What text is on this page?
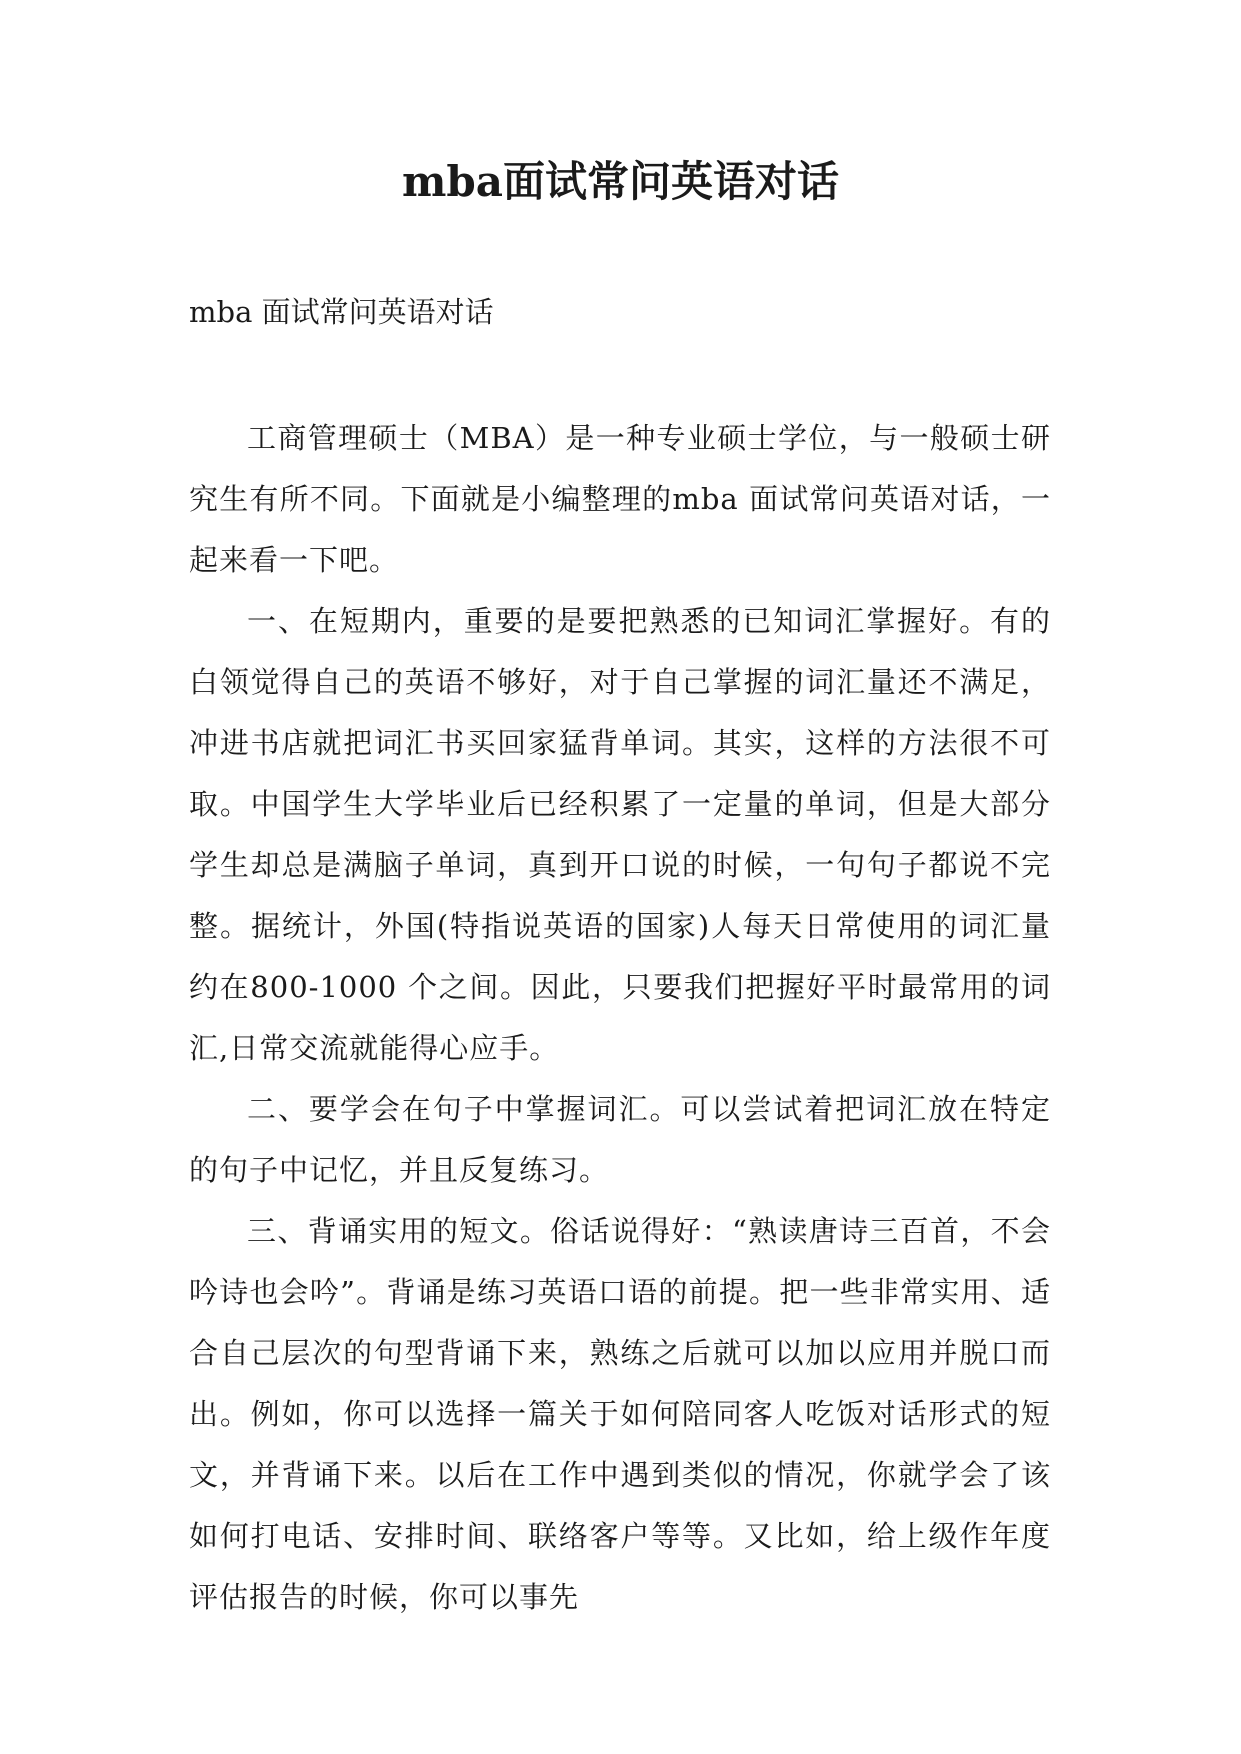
mba面试常问英语对话

mba 面试常问英语对话

工商管理硕士（MBA）是一种专业硕士学位，与一般硕士研究生有所不同。下面就是小编整理的mba 面试常问英语对话，一起来看一下吧。

一、在短期内，重要的是要把熟悉的已知词汇掌握好。有的白领觉得自己的英语不够好，对于自己掌握的词汇量还不满足，冲进书店就把词汇书买回家猛背单词。其实，这样的方法很不可取。中国学生大学毕业后已经积累了一定量的单词，但是大部分学生却总是满脑子单词，真到开口说的时候，一句句子都说不完整。据统计，外国(特指说英语的国家)人每天日常使用的词汇量约在800-1000 个之间。因此，只要我们把握好平时最常用的词汇,日常交流就能得心应手。

二、要学会在句子中掌握词汇。可以尝试着把词汇放在特定的句子中记忆，并且反复练习。

三、背诵实用的短文。俗话说得好：“熟读唐诗三百首，不会吟诗也会吟”。背诵是练习英语口语的前提。把一些非常实用、适合自己层次的句型背诵下来，熟练之后就可以加以应用并脱口而出。例如，你可以选择一篇关于如何陪同客人吃饭对话形式的短文，并背诵下来。以后在工作中遇到类似的情况，你就学会了该如何打电话、安排时间、联络客户等等。又比如，给上级作年度评估报告的时候，你可以事先
